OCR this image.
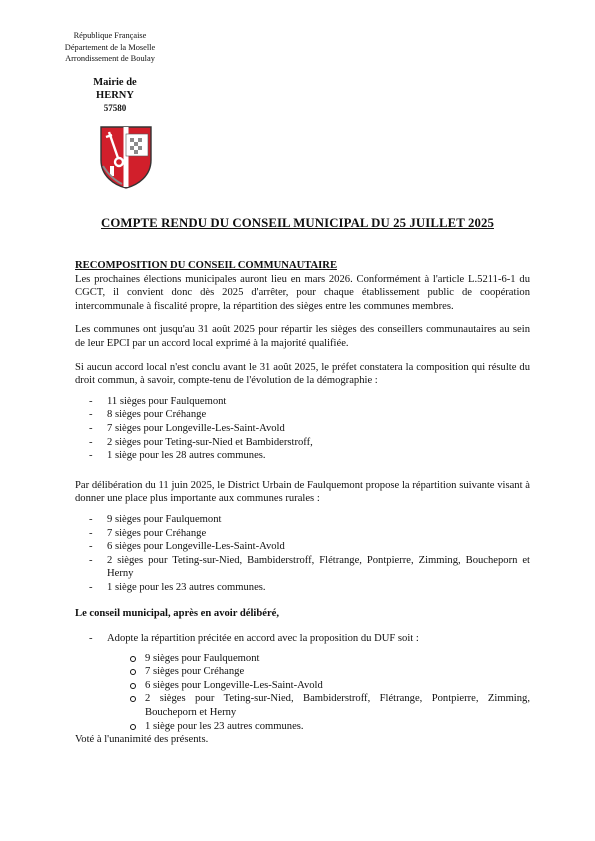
République Française
Département de la Moselle
Arrondissement de Boulay
Mairie de
HERNY
57580
COMPTE RENDU DU CONSEIL MUNICIPAL DU 25 JUILLET 2025

RECOMPOSITION DU CONSEIL COMMUNAUTAIRE

Les prochaines élections municipales auront lieu en mars 2026. Conformément à l'article L.5211-6-1 du CGCT, il convient donc dès 2025 d'arrêter, pour chaque établissement public de coopération intercommunale à fiscalité propre, la répartition des sièges entre les communes membres.

Les communes ont jusqu'au 31 août 2025 pour répartir les sièges des conseillers communautaires au sein de leur EPCI par un accord local exprimé à la majorité qualifiée.

Si aucun accord local n'est conclu avant le 31 août 2025, le préfet constatera la composition qui résulte du droit commun, à savoir, compte-tenu de l'évolution de la démographie :

- 11 sièges pour Faulquemont
- 8 sièges pour Créhange
- 7 sièges pour Longeville-Les-Saint-Avold
- 2 sièges pour Teting-sur-Nied et Bambiderstroff,
- 1 siège pour les 28 autres communes.

Par délibération du 11 juin 2025, le District Urbain de Faulquemont propose la répartition suivante visant à donner une place plus importante aux communes rurales :

- 9 sièges pour Faulquemont
- 7 sièges pour Créhange
- 6 sièges pour Longeville-Les-Saint-Avold
- 2 sièges pour Teting-sur-Nied, Bambiderstroff, Flétrange, Pontpierre, Zimming, Boucheporn et Herny
- 1 siège pour les 23 autres communes.

Le conseil municipal, après en avoir délibéré,

- Adopte la répartition précitée en accord avec la proposition du DUF soit :
9 sièges pour Faulquemont
7 sièges pour Créhange
6 sièges pour Longeville-Les-Saint-Avold
2 sièges pour Teting-sur-Nied, Bambiderstroff, Flétrange, Pontpierre, Zimming, Boucheporn et Herny
1 siège pour les 23 autres communes.

Voté à l'unanimité des présents.
